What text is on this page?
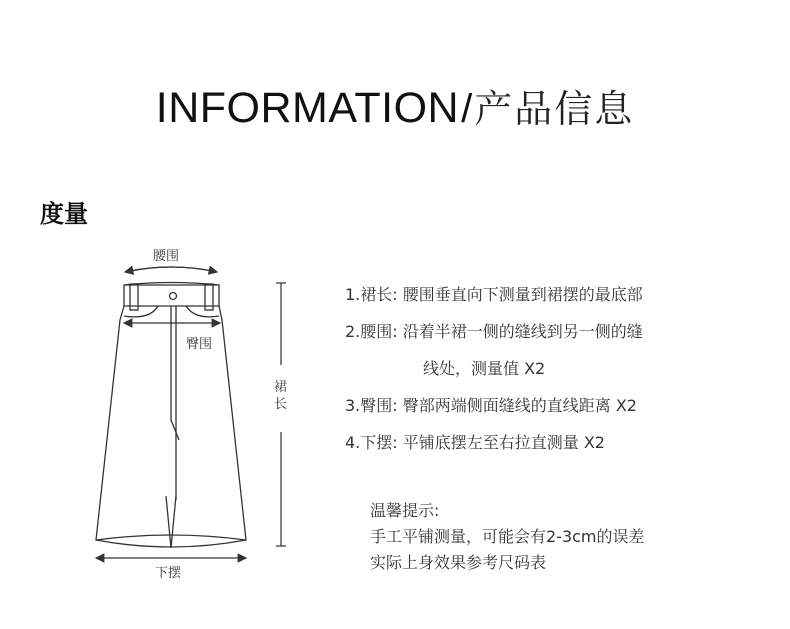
INFORMATION/产品信息
度量
腰围
臀围
裙
长
下摆
1.裙长: 腰围垂直向下测量到裙摆的最底部
2.腰围: 沿着半裙一侧的缝线到另一侧的缝
线处，测量值 X2
3.臀围: 臀部两端侧面缝线的直线距离 X2
4.下摆: 平铺底摆左至右拉直测量 X2
温馨提示:
手工平铺测量，可能会有2-3cm的误差
实际上身效果参考尺码表
